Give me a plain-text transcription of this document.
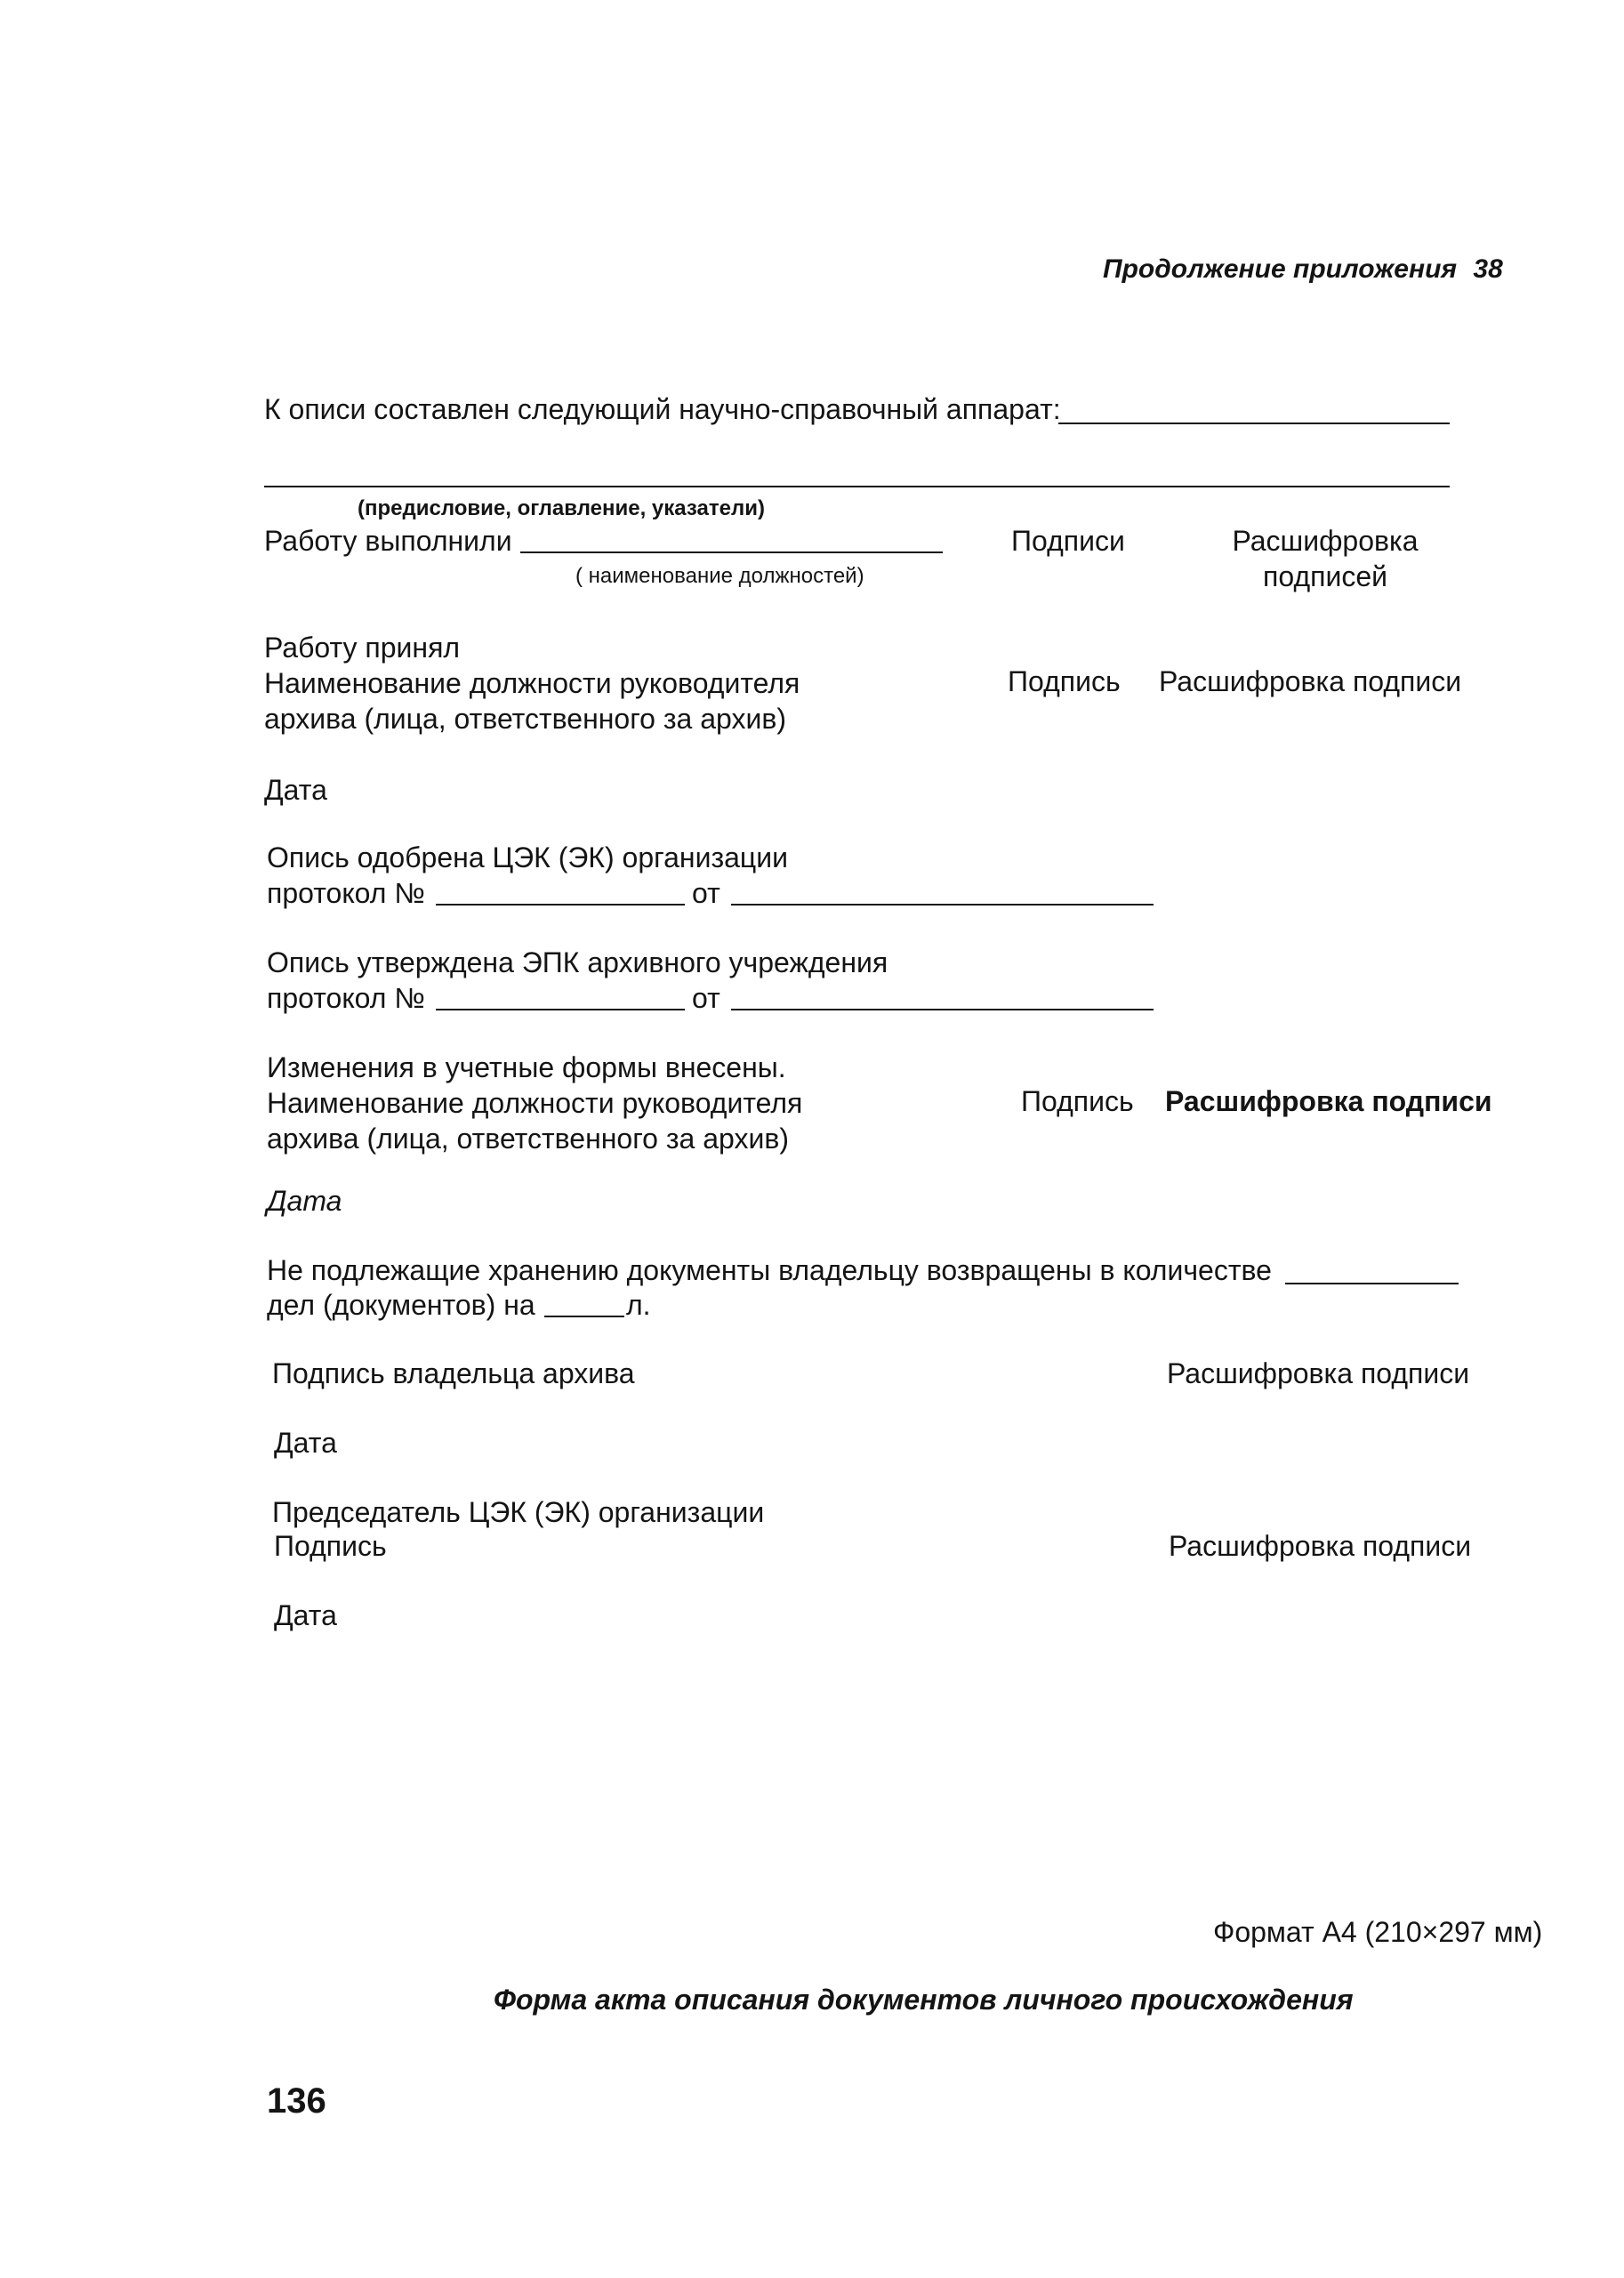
Продолжение приложения 38
К описи составлен следующий научно-справочный аппарат:
(предисловие, оглавление, указатели)
Работу выполнили
( наименование должностей)
Подписи	Расшифровка
подписей
Работу принял
Наименование должности руководителя
архива (лица, ответственного за архив)
Подпись Расшифровка подписи
Дата
Опись одобрена ЦЭК (ЭК) организации
протокол №	от
Опись утверждена ЭПК архивного учреждения
протокол №	от
Изменения в учетные формы внесены.
Наименование должности руководителя
архива (лица, ответственного за архив)
Подпись Расшифровка подписи
Дата
Не подлежащие хранению документы владельцу возвращены в количестве
дел (документов) на	л.
Подпись владельца архива	Расшифровка подписи
Дата
Председатель ЦЭК (ЭК) организации
Подпись	Расшифровка подписи
Дата
Формат А4 (210×297 мм)
Форма акта описания документов личного происхождения
136
